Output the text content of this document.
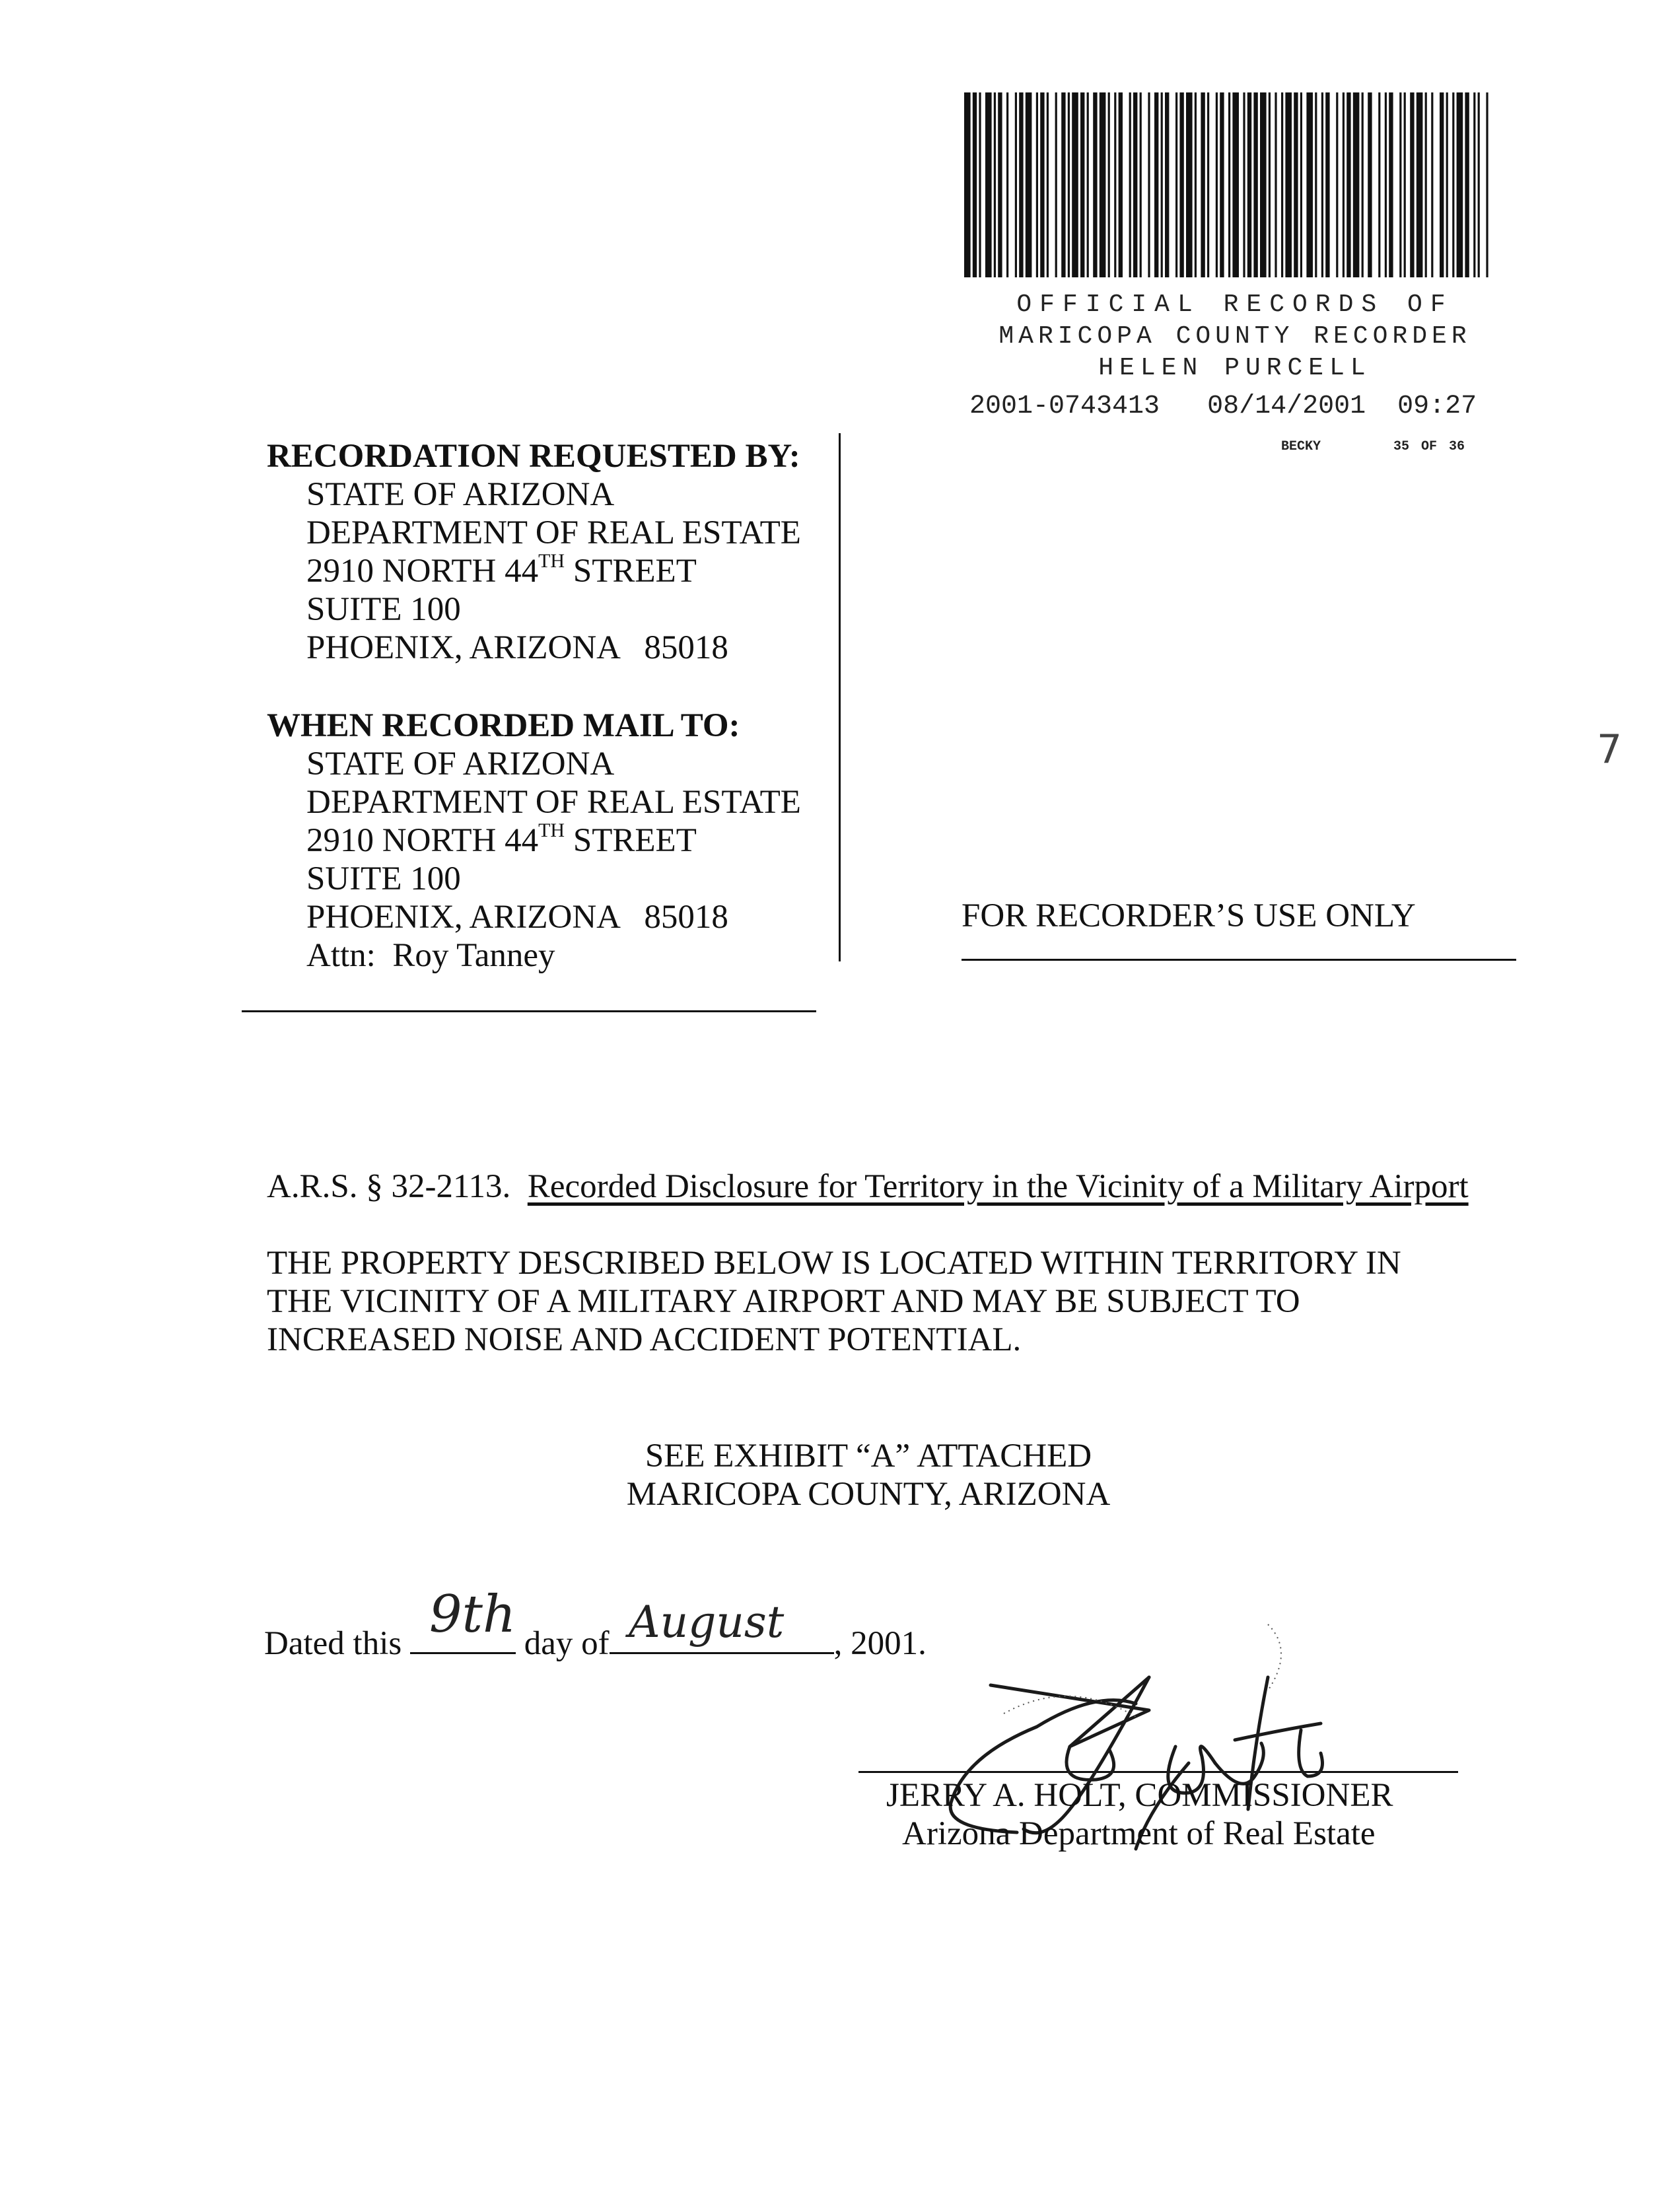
OFFICIAL RECORDS OF
MARICOPA COUNTY RECORDER
HELEN PURCELL
2001-0743413 08/14/2001 09:27
BECKY	35 OF 36
RECORDATION REQUESTED BY:
STATE OF ARIZONA
DEPARTMENT OF REAL ESTATE
2910 NORTH 44TH STREET
SUITE 100
PHOENIX, ARIZONA   85018
WHEN RECORDED MAIL TO:
STATE OF ARIZONA
DEPARTMENT OF REAL ESTATE
2910 NORTH 44TH STREET
SUITE 100
PHOENIX, ARIZONA   85018
Attn:  Roy Tanney
FOR RECORDER’S USE ONLY
7
A.R.S. § 32-2113. Recorded Disclosure for Territory in the Vicinity of a Military Airport
THE PROPERTY DESCRIBED BELOW IS LOCATED WITHIN TERRITORY IN
THE VICINITY OF A MILITARY AIRPORT AND MAY BE SUBJECT TO
INCREASED NOISE AND ACCIDENT POTENTIAL.
SEE EXHIBIT “A” ATTACHED
MARICOPA COUNTY, ARIZONA
Dated this	day of	, 2001.
9th	August
JERRY A. HOLT, COMMISSIONER
Arizona Department of Real Estate
